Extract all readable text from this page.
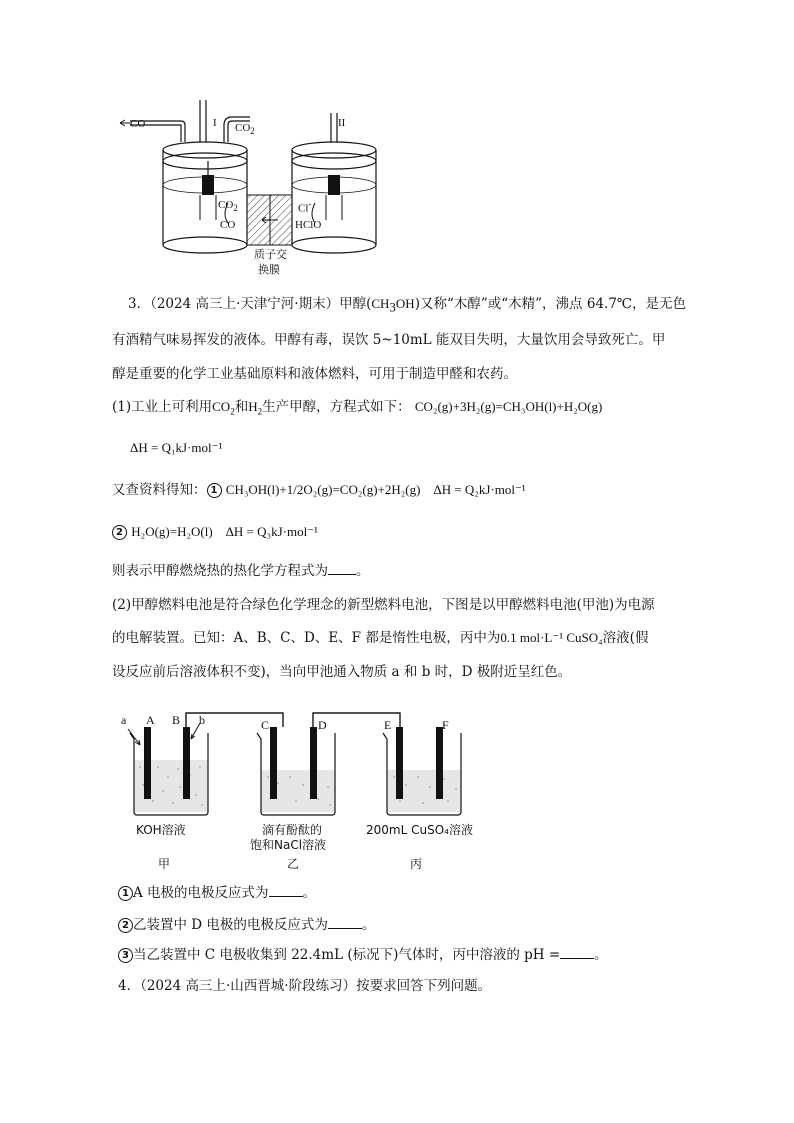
CO	I $CO_2$
II
$CO_2$
CO
Cl-
HClO
质子交
换膜
3．（2024 高三上·天津宁河·期末）甲醇$(CH_3OH)$又称“木醇”或“木精”，沸点 64.7℃，是无色
有酒精气味易挥发的液体。甲醇有毒，误饮 5~10mL 能双目失明，大量饮用会导致死亡。甲
醇是重要的化学工业基础原料和液体燃料，可用于制造甲醛和农药。
(1)工业上可利用$CO_2$和$H_2$生产甲醇，方程式如下： CO₂(g)+3H₂(g)=CH₃OH(l)+H₂O(g)
ΔH = Q₁kJ·mol⁻¹
又查资料得知： 1 CH₃OH(l)+1/2O₂(g)=CO₂(g)+2H₂(g) ΔH = Q₂kJ·mol⁻¹
2 H₂O(g)=H₂O(l) ΔH = Q₃kJ·mol⁻¹
则表示甲醇燃烧热的热化学方程式为 。
(2)甲醇燃料电池是符合绿色化学理念的新型燃料电池，下图是以甲醇燃料电池(甲池)为电源
的电解装置。已知：A、B、C、D、E、F 都是惰性电极，丙中为0.1 mol·L⁻¹ CuSO₄溶液(假
设反应前后溶液体积不变)，当向甲池通入物质 a 和 b 时，D 极附近呈红色。
a A B b	C	D	E	F
KOH溶液	滴有酚酞的
饱和NaCl溶液
200mL CuSO₄溶液
甲	乙	丙
1 A 电极的电极反应式为	。
2 乙装置中 D 电极的电极反应式为	。
3 当乙装置中 C 电极收集到 22.4mL (标况下)气体时，丙中溶液的 pH =	。
4．（2024 高三上·山西晋城·阶段练习）按要求回答下列问题。
